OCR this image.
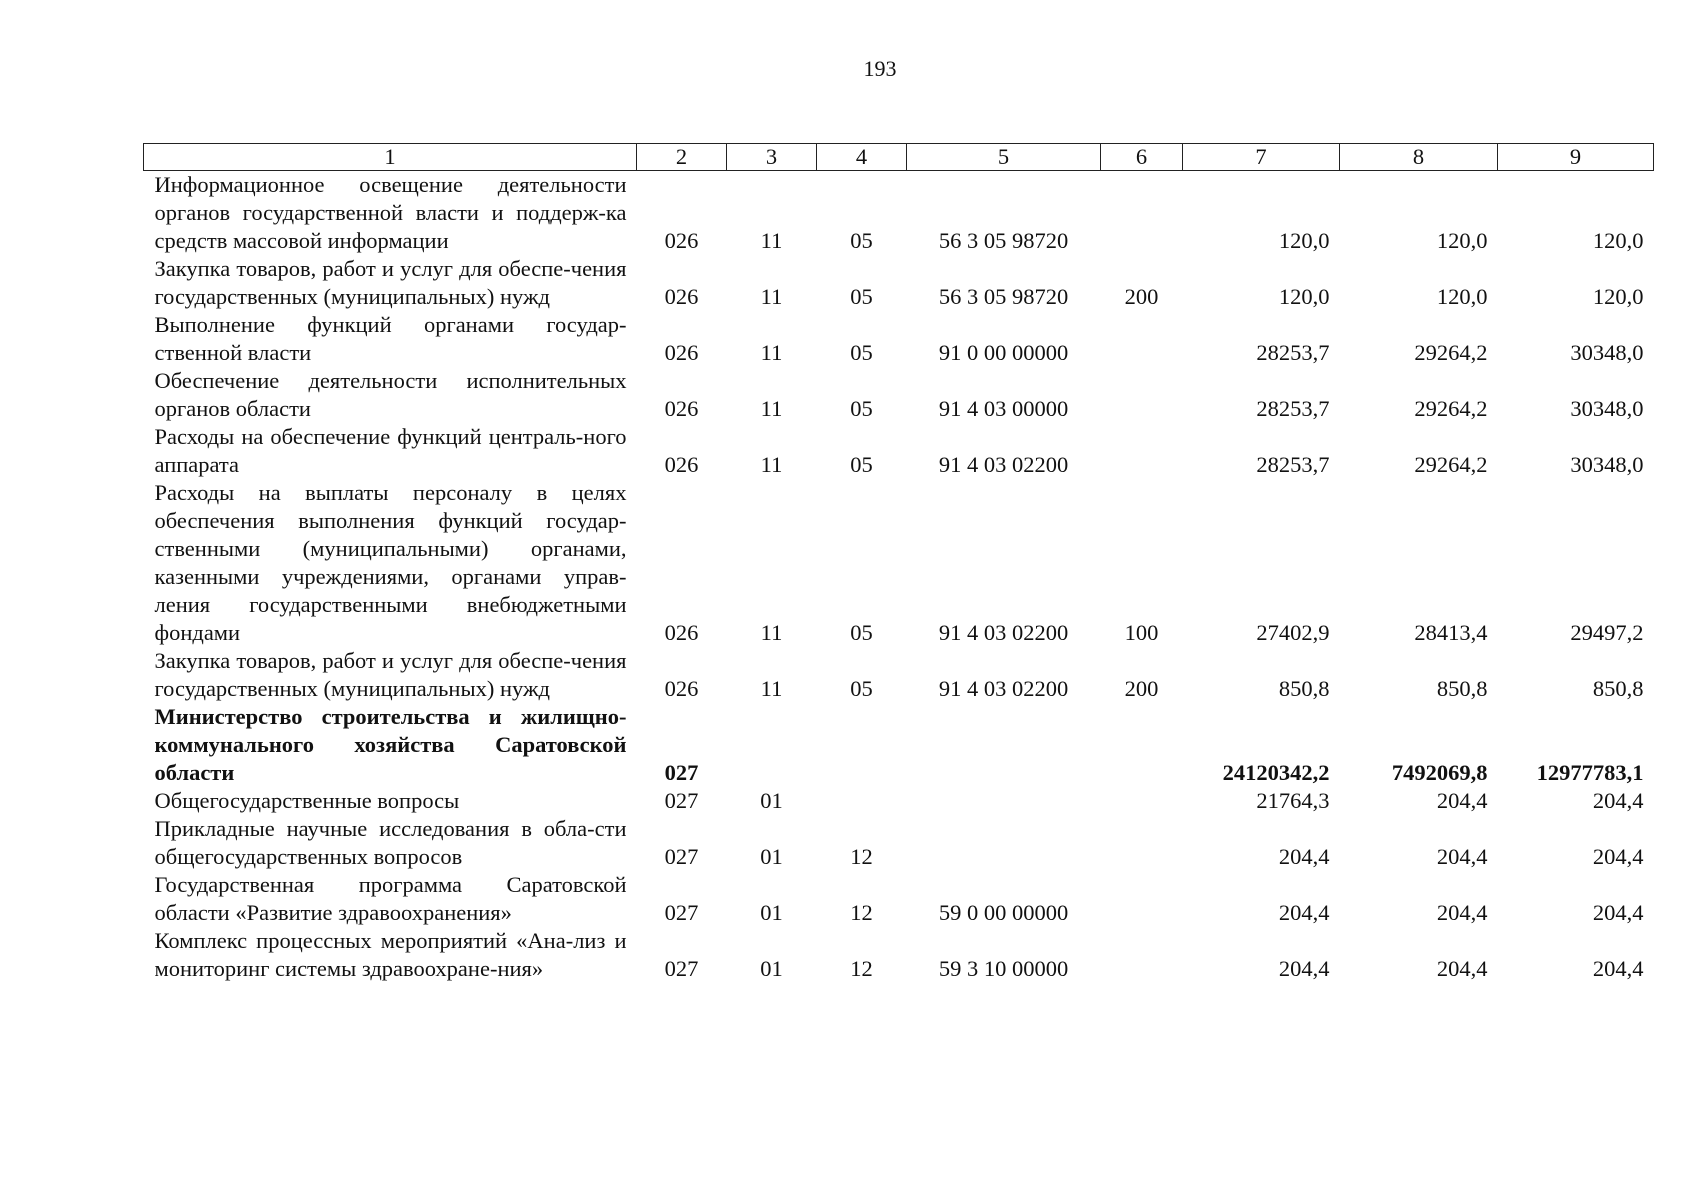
193
1	2	3	4	5	6	7	8	9
Информационное освещение деятельности органов государственной власти и поддерж-ка средств массовой информации	026	11	05	56 3 05 98720		120,0	120,0	120,0
Закупка товаров, работ и услуг для обеспе-чения государственных (муниципальных) нужд	026	11	05	56 3 05 98720	200	120,0	120,0	120,0
Выполнение функций органами государ-ственной власти	026	11	05	91 0 00 00000		28253,7	29264,2	30348,0
Обеспечение деятельности исполнительных органов области	026	11	05	91 4 03 00000		28253,7	29264,2	30348,0
Расходы на обеспечение функций централь-ного аппарата	026	11	05	91 4 03 02200		28253,7	29264,2	30348,0
Расходы на выплаты персоналу в целях обеспечения выполнения функций государ-ственными (муниципальными) органами, казенными учреждениями, органами управ-ления государственными внебюджетными фондами	026	11	05	91 4 03 02200	100	27402,9	28413,4	29497,2
Закупка товаров, работ и услуг для обеспе-чения государственных (муниципальных) нужд	026	11	05	91 4 03 02200	200	850,8	850,8	850,8
Министерство строительства и жилищно-коммунального хозяйства Саратовской области	027					24120342,2	7492069,8	12977783,1
Общегосударственные вопросы	027	01				21764,3	204,4	204,4
Прикладные научные исследования в обла-сти общегосударственных вопросов	027	01	12			204,4	204,4	204,4
Государственная программа Саратовской области «Развитие здравоохранения»	027	01	12	59 0 00 00000		204,4	204,4	204,4
Комплекс процессных мероприятий «Ана-лиз и мониторинг системы здравоохране-ния»	027	01	12	59 3 10 00000		204,4	204,4	204,4
